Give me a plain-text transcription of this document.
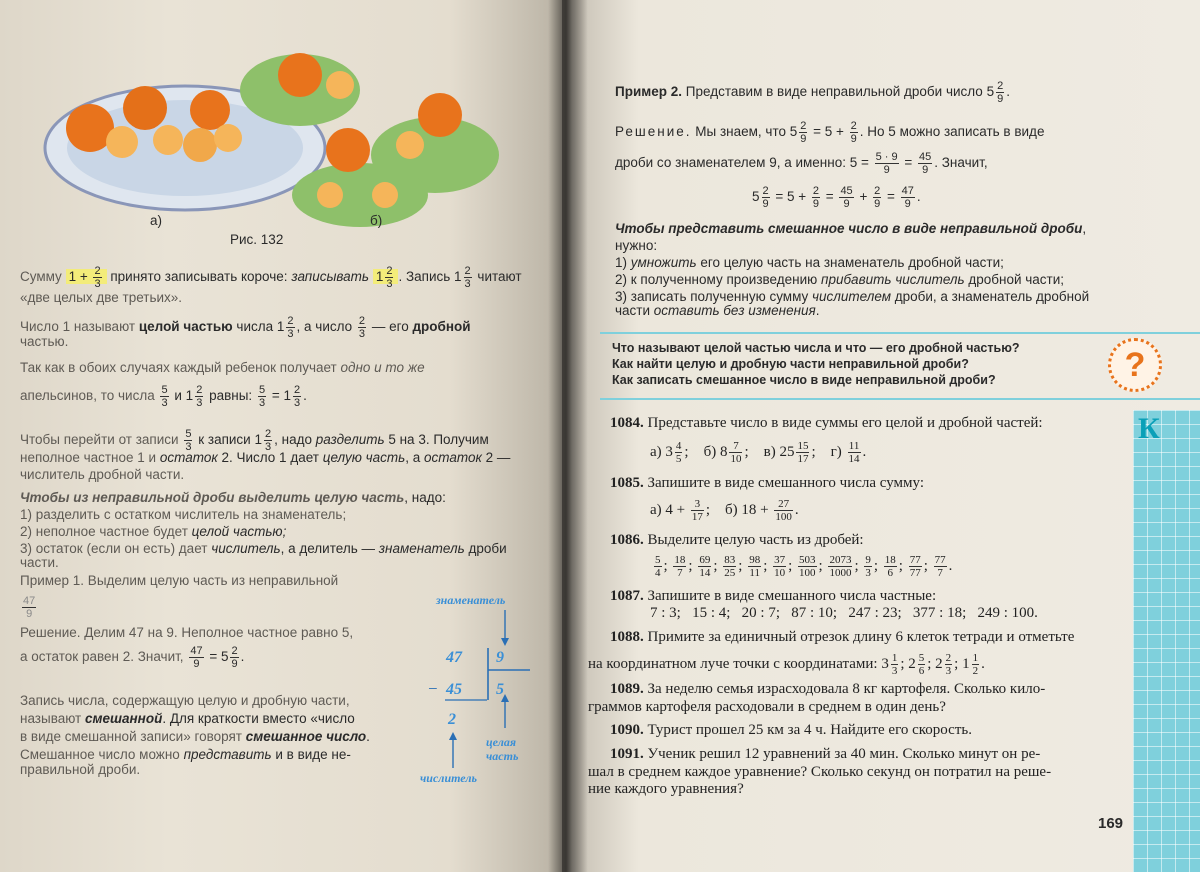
а)	б)
Рис. 132
Сумму $1 + \frac{2}{3}$ принято записывать короче: записывать $1 \frac{2}{3}$ . Запись $1 \frac{2}{3}$ читают
«две целых две третьих».
Число 1 называют целой частью числа $1 \frac{2}{3}$ , а число $\frac{2}{3}$ — его дробной
частью.
Так как в обоих случаях каждый ребенок получает одно и то же
апельсинов, то числа $\frac{5}{3}$ и $1 \frac{2}{3}$ равны: $\frac{5}{3} = 1 \frac{2}{3}$ .
Чтобы перейти от записи $\frac{5}{3}$ к записи $1 \frac{2}{3}$ , надо разделить 5 на 3. Получим
неполное частное 1 и остаток 2. Число 1 дает целую часть, а остаток 2 —
числитель дробной части.
Чтобы из неправильной дроби выделить целую часть, надо:
1) разделить с остатком числитель на знаменатель;
2) неполное частное будет целой частью;
3) остаток (если он есть) дает числитель, а делитель — знаменатель дроби
части.
Пример 1. Выделим целую часть из неправильной
$\frac{47}{9}$
Решение. Делим 47 на 9. Неполное частное равно 5,
а остаток равен 2. Значит, $\frac{47}{9} = 5 \frac{2}{9}$ .
Запись числа, содержащую целую и дробную части,
называют смешанной. Для краткости вместо «число
в виде смешанной записи» говорят смешанное число.
Смешанное число можно представить и в виде не-
правильной дроби.
–
47 9
45 5
2
знаменатель
целая часть
числитель
Пример 2. Представим в виде неправильной дроби число $5 \frac{2}{9}$ .
Решение. Мы знаем, что $5 \frac{2}{9} = 5 + \frac{2}{9}$ . Но 5 можно записать в виде
дроби со знаменателем 9, а именно: $5 = \frac{5 \cdot 9}{9} = \frac{45}{9}$ . Значит,
$5 \frac{2}{9} = 5 + \frac{2}{9} = \frac{45}{9} + \frac{2}{9} = \frac{47}{9}$ .
Чтобы представить смешанное число в виде неправильной дроби,
нужно:
1) умножить его целую часть на знаменатель дробной части;
2) к полученному произведению прибавить числитель дробной части;
3) записать полученную сумму числителем дроби, а знаменатель дробной
части оставить без изменения.
Что называют целой частью числа и что — его дробной частью?
Как найти целую и дробную части неправильной дроби?
Как записать смешанное число в виде неправильной дроби?	?
К
1084. Представьте число в виде суммы его целой и дробной частей:
а) $3 \frac{4}{5}$ ;    б) $8 \frac{7}{10}$ ;    в) $25 \frac{15}{17}$ ;    $г) \frac{11}{14}$ .
1085. Запишите в виде смешанного числа сумму:
а) $4 + \frac{3}{17}$ ;    б) $18 + \frac{27}{100}$ .
1086. Выделите целую часть из дробей:
$\frac{5}{4}$ ; $\frac{18}{7}$ ; $\frac{69}{14}$ ; $\frac{83}{25}$ ; $\frac{98}{11}$ ; $\frac{37}{10}$ ; $\frac{503}{100}$ ; $\frac{2073}{1000}$ ; $\frac{9}{3}$ ; $\frac{18}{6}$ ; $\frac{77}{77}$ ; $\frac{77}{7}$ .
1087. Запишите в виде смешанного числа частные:
7 : 3;   15 : 4;   20 : 7;   87 : 10;   247 : 23;   377 : 18;   249 : 100.
1088. Примите за единичный отрезок длину 6 клеток тетради и отметьте
на координатном луче точки с координатами: $3 \frac{1}{3}$ ; $2 \frac{5}{6}$ ; $2 \frac{2}{3}$ ; $1 \frac{1}{2}$ .
1089. За неделю семья израсходовала 8 кг картофеля. Сколько кило-
граммов картофеля расходовали в среднем в один день?
1090. Турист прошел 25 км за 4 ч. Найдите его скорость.
1091. Ученик решил 12 уравнений за 40 мин. Сколько минут он ре-
шал в среднем каждое уравнение? Сколько секунд он потратил на реше-
ние каждого уравнения?
169
